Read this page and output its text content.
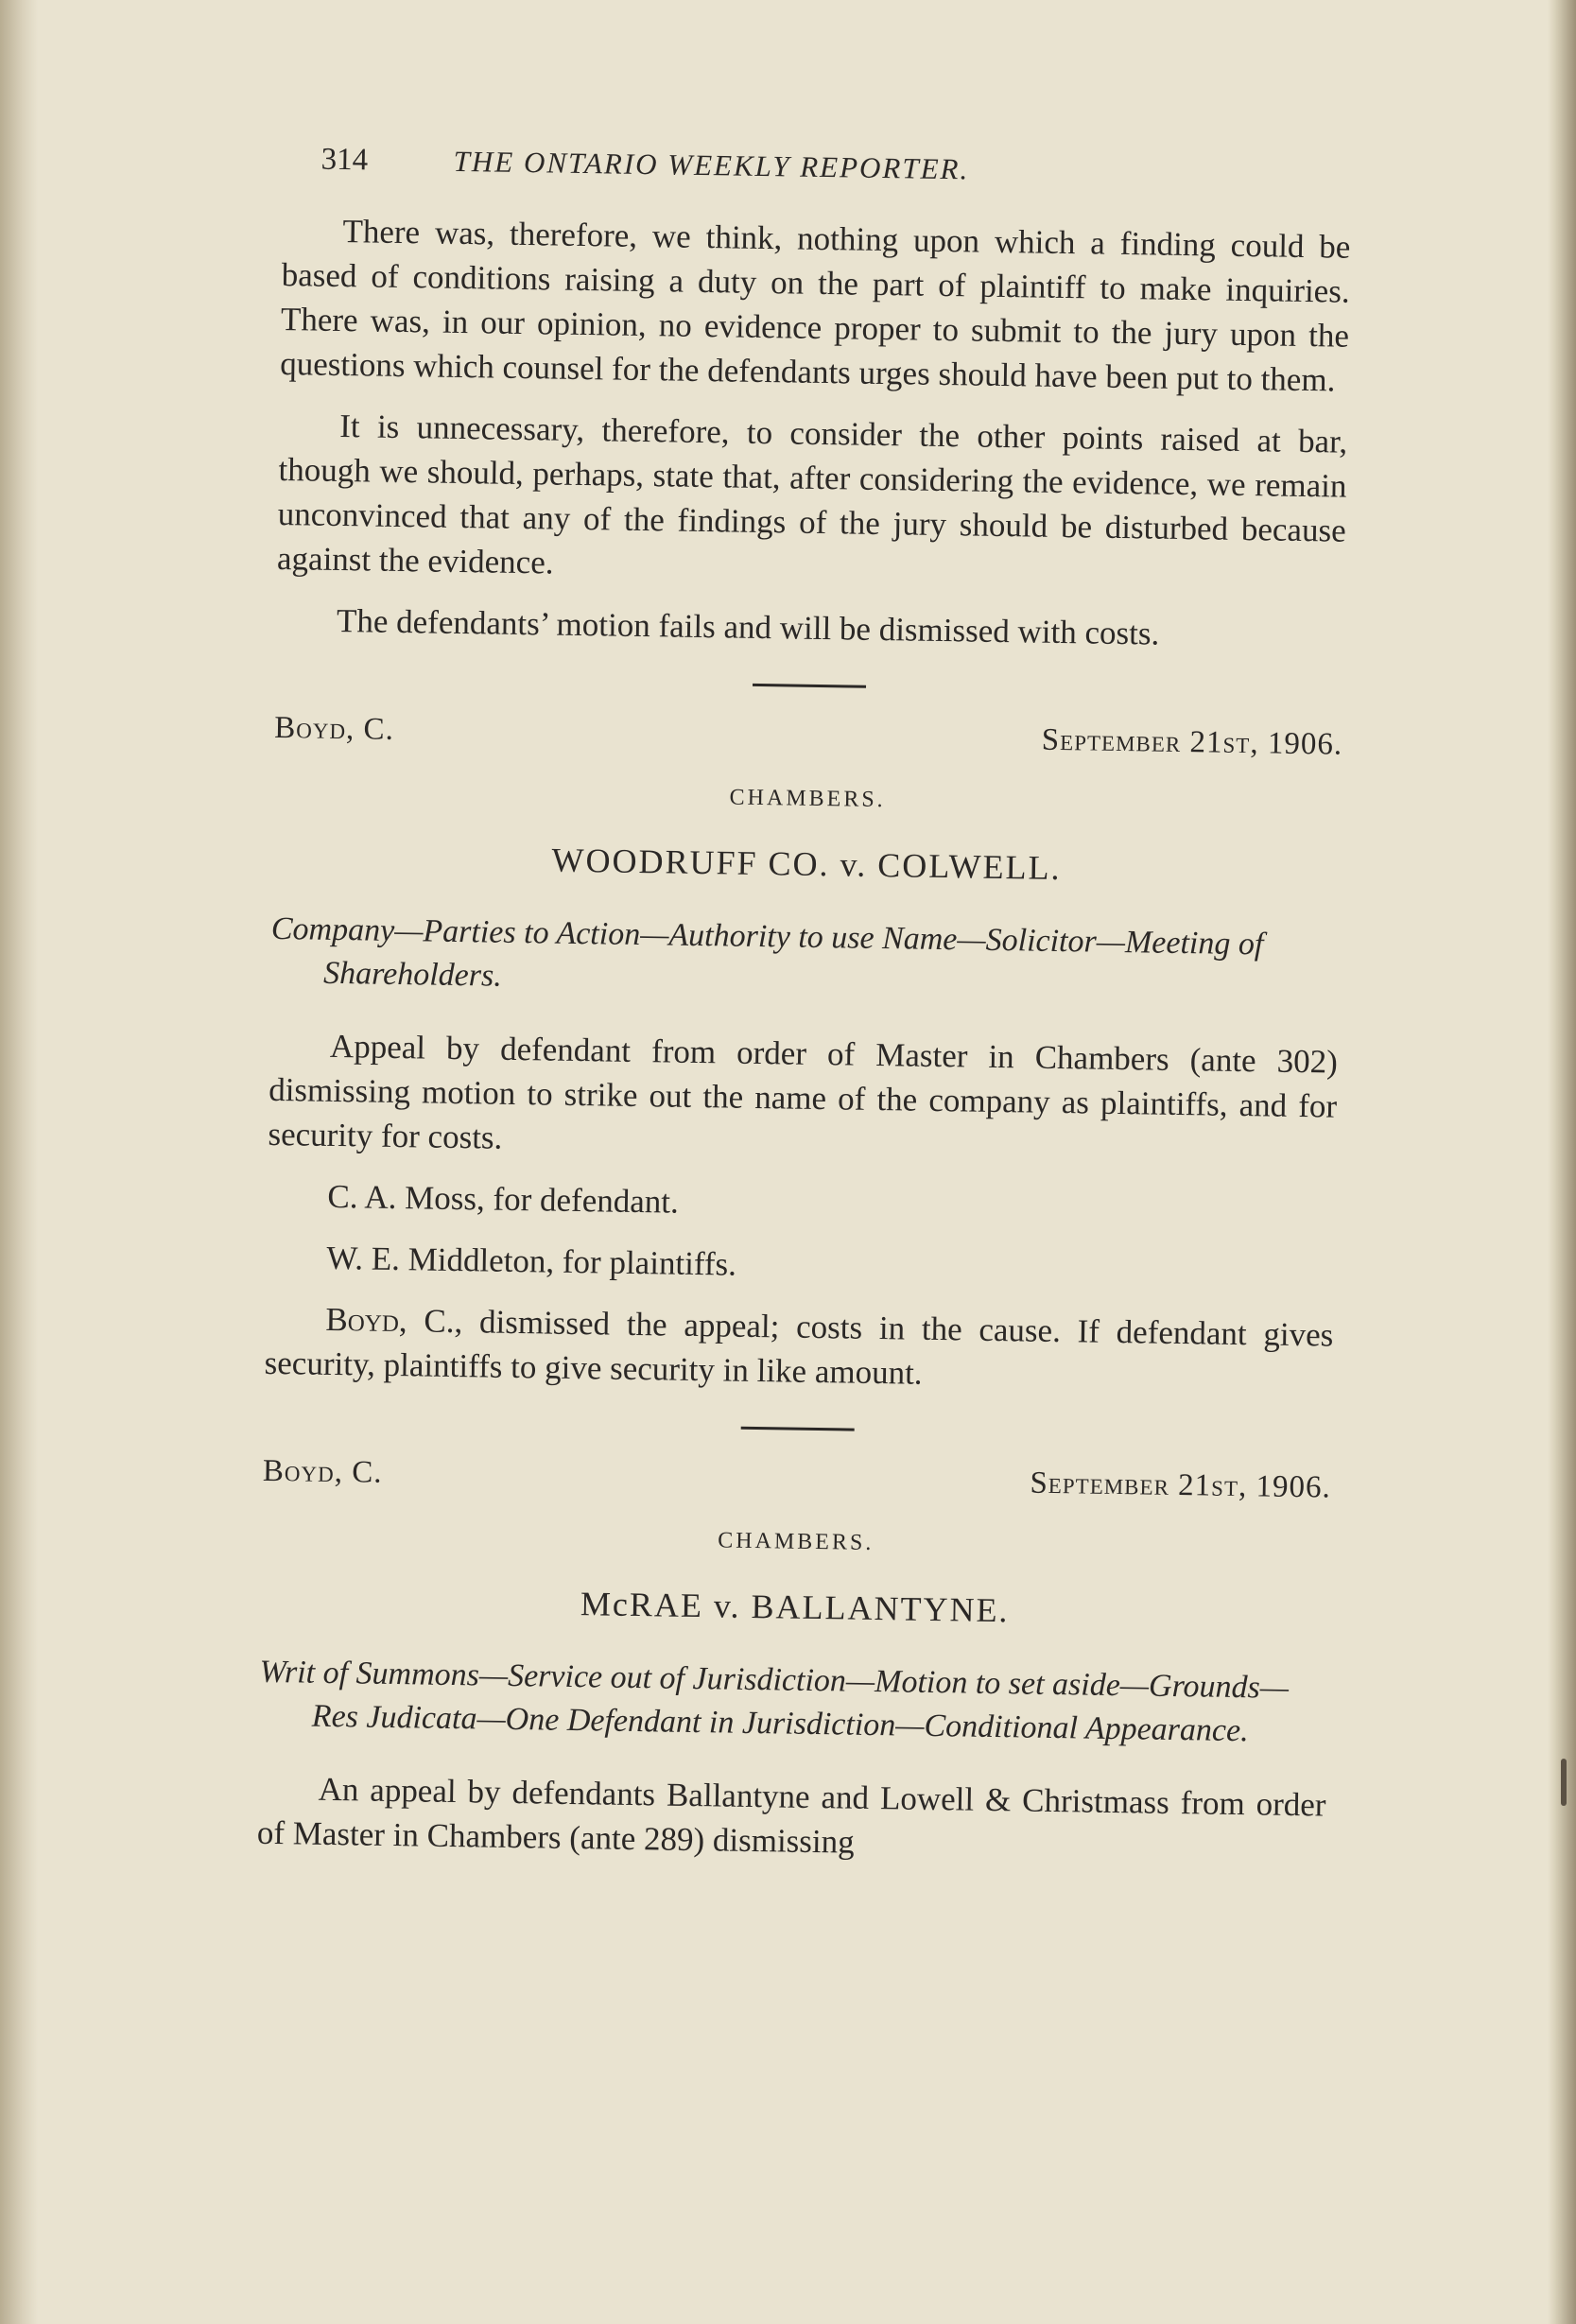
314	THE ONTARIO WEEKLY REPORTER.

There was, therefore, we think, nothing upon which a finding could be based of conditions raising a duty on the part of plaintiff to make inquiries. There was, in our opinion, no evidence proper to submit to the jury upon the questions which counsel for the defendants urges should have been put to them.

It is unnecessary, therefore, to consider the other points raised at bar, though we should, perhaps, state that, after considering the evidence, we remain unconvinced that any of the findings of the jury should be disturbed because against the evidence.

The defendants’ motion fails and will be dismissed with costs.

Boyd, C.	September 21st, 1906.
CHAMBERS.
WOODRUFF CO. v. COLWELL.

Company—Parties to Action—Authority to use Name—Solicitor—Meeting of Shareholders.

Appeal by defendant from order of Master in Chambers (ante 302) dismissing motion to strike out the name of the company as plaintiffs, and for security for costs.

C. A. Moss, for defendant.

W. E. Middleton, for plaintiffs.

Boyd, C., dismissed the appeal; costs in the cause. If defendant gives security, plaintiffs to give security in like amount.

Boyd, C.	September 21st, 1906.
CHAMBERS.
McRAE v. BALLANTYNE.

Writ of Summons—Service out of Jurisdiction—Motion to set aside—Grounds—Res Judicata—One Defendant in Jurisdiction—Conditional Appearance.

An appeal by defendants Ballantyne and Lowell & Christmass from order of Master in Chambers (ante 289) dismissing
